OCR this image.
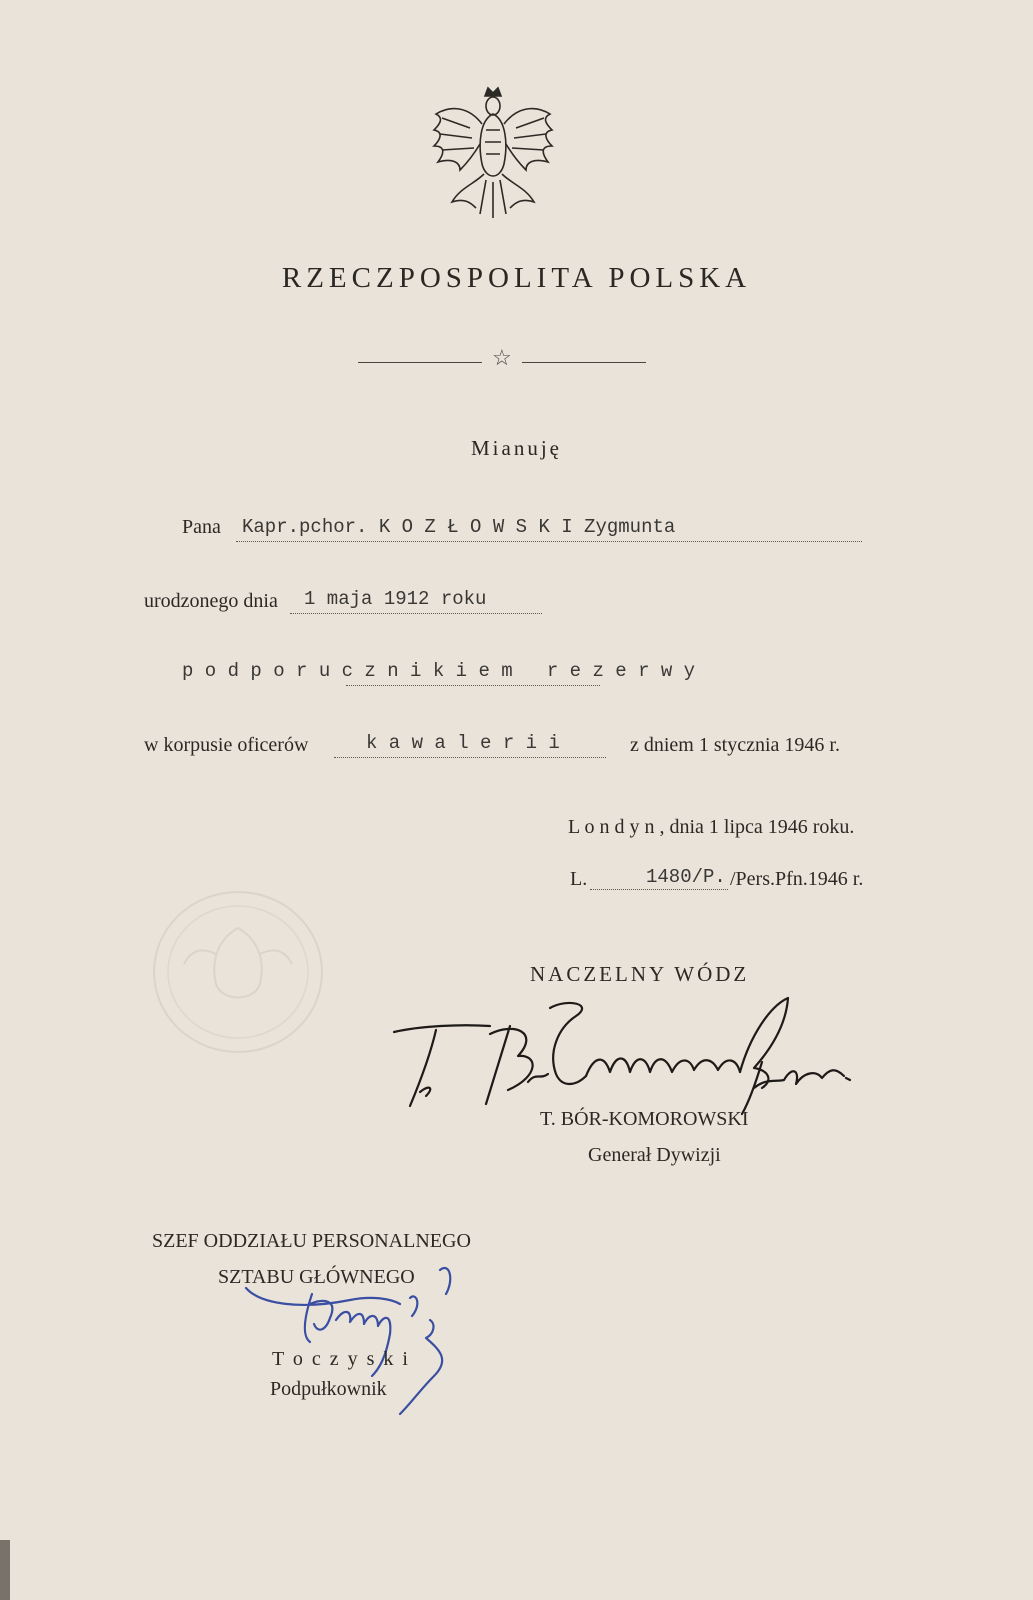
RZECZPOSPOLITA POLSKA
☆
Mianuję
Pana Kapr.pchor. K O Z Ł O W S K I Zygmunta
urodzonego dnia 1 maja 1912 roku
p o d p o r u c z n i k i e m   r e z e r w y
w korpusie oficerów	k a w a l e r i i	z dniem 1 stycznia 1946 r.
L o n d y n , dnia 1 lipca 1946 roku.
L.	1480/P. /Pers.Pfn.1946 r.
NACZELNY WÓDZ
T. BÓR-KOMOROWSKI
Generał Dywizji
SZEF ODDZIAŁU PERSONALNEGO
SZTABU GŁÓWNEGO
T o c z y s k i
Podpułkownik
